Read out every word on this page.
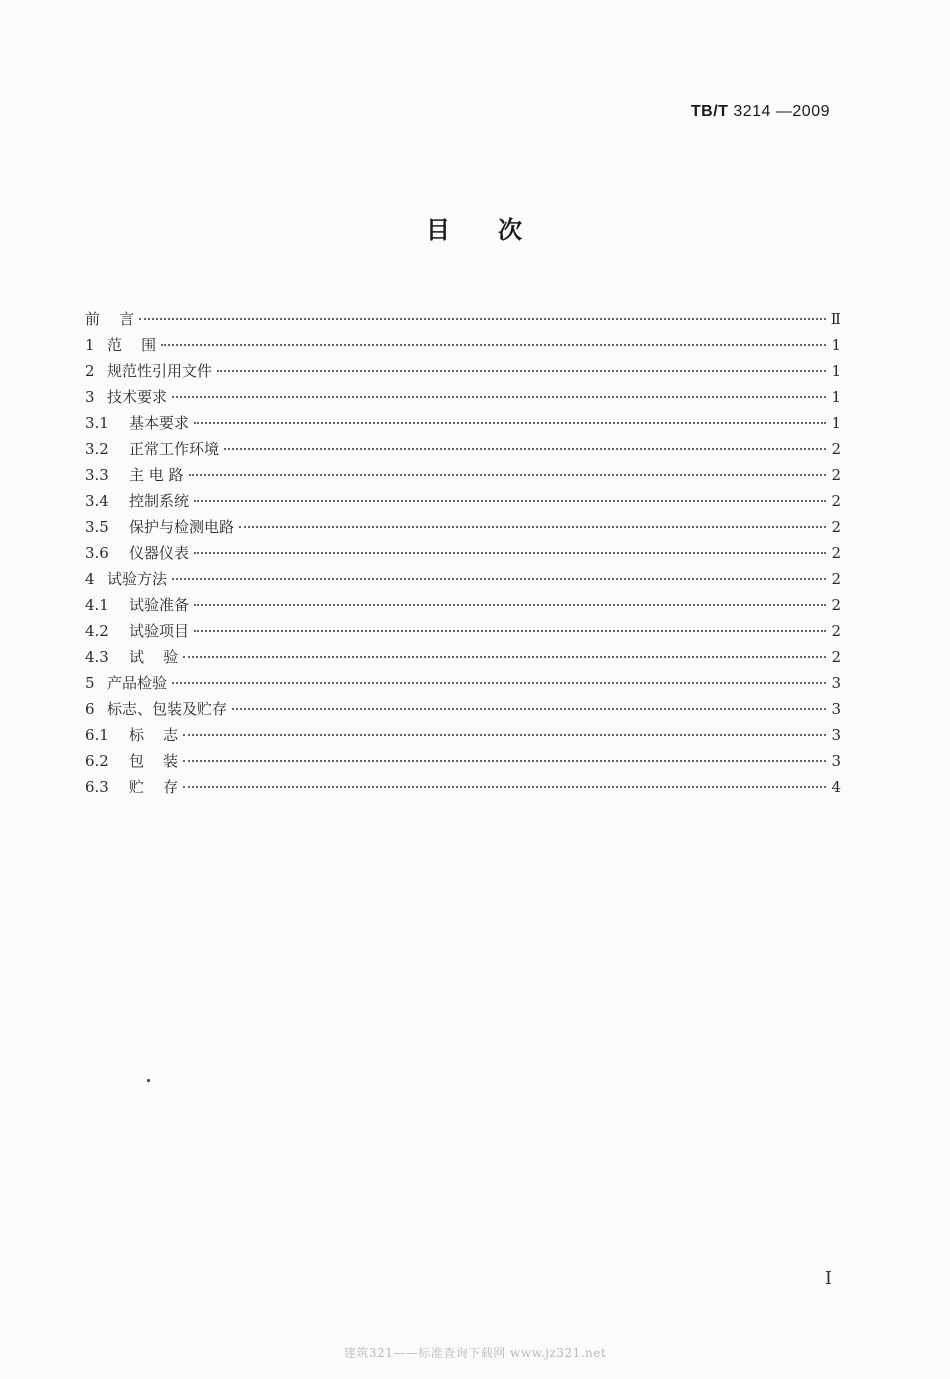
TB/T 3214 —2009
目 次
前    言	Ⅱ
1 范    围	1
2 规范性引用文件	1
3 技术要求	1
3.1	基本要求	1
3.2	正常工作环境	2
3.3	主 电 路	2
3.4	控制系统	2
3.5	保护与检测电路	2
3.6	仪器仪表	2
4 试验方法	2
4.1	试验准备	2
4.2	试验项目	2
4.3	试    验	2
5 产品检验	3
6 标志、包装及贮存	3
6.1	标    志	3
6.2	包    装	3
6.3	贮    存	4
I
建筑321——标准查询下载网 www.jz321.net
